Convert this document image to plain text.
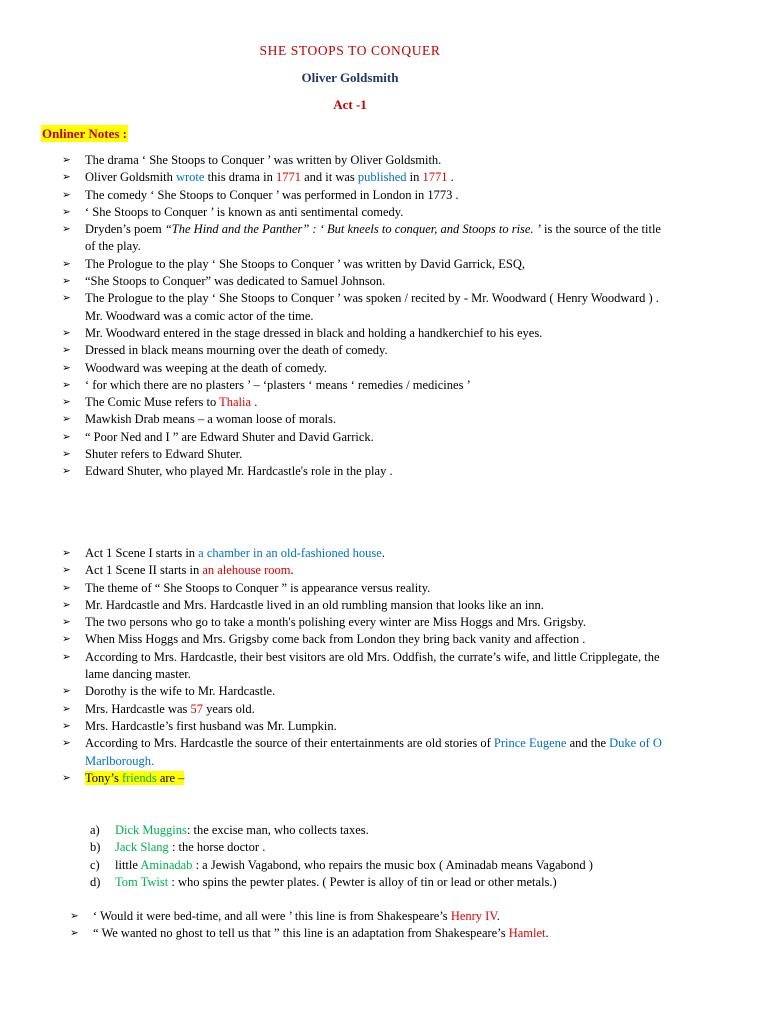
SHE STOOPS TO CONQUER
Oliver Goldsmith
Act -1
Onliner Notes :
➢ The drama ‘ She Stoops to Conquer ’ was written by Oliver Goldsmith.
➢ Oliver Goldsmith wrote this drama in 1771 and it was published in 1771 .
➢ The comedy ‘ She Stoops to Conquer ’ was performed in London in 1773 .
➢ ‘ She Stoops to Conquer ’ is known as anti sentimental comedy.
➢ Dryden’s poem “The Hind and the Panther” : ‘ But kneels to conquer, and Stoops to rise. ’ is the source of the title of the play.
➢ The Prologue to the play ‘ She Stoops to Conquer ’ was written by David Garrick, ESQ,
➢ “She Stoops to Conquer” was dedicated to Samuel Johnson.
➢ The Prologue to the play ‘ She Stoops to Conquer ’ was spoken / recited by - Mr. Woodward ( Henry Woodward ) . Mr. Woodward was a comic actor of the time.
➢ Mr. Woodward entered in the stage dressed in black and holding a handkerchief to his eyes.
➢ Dressed in black means mourning over the death of comedy.
➢ Woodward was weeping at the death of comedy.
➢ ‘ for which there are no plasters ’ – ‘plasters ‘ means ‘ remedies / medicines ’
➢ The Comic Muse refers to Thalia .
➢ Mawkish Drab means – a woman loose of morals.
➢ “ Poor Ned and I ” are Edward Shuter and David Garrick.
➢ Shuter refers to Edward Shuter.
➢ Edward Shuter, who played Mr. Hardcastle's role in the play .
➢ Act 1 Scene I starts in a chamber in an old-fashioned house.
➢ Act 1 Scene II starts in an alehouse room.
➢ The theme of “ She Stoops to Conquer ” is appearance versus reality.
➢ Mr. Hardcastle and Mrs. Hardcastle lived in an old rumbling mansion that looks like an inn.
➢ The two persons who go to take a month's polishing every winter are Miss Hoggs and Mrs. Grigsby.
➢ When Miss Hoggs and Mrs. Grigsby come back from London they bring back vanity and affection .
➢ According to Mrs. Hardcastle, their best visitors are old Mrs. Oddfish, the currate’s wife, and little Cripplegate, the lame dancing master.
➢ Dorothy is the wife to Mr. Hardcastle.
➢ Mrs. Hardcastle was 57 years old.
➢ Mrs. Hardcastle’s first husband was Mr. Lumpkin.
➢ According to Mrs. Hardcastle the source of their entertainments are old stories of Prince Eugene and the Duke of O Marlborough.
➢ Tony’s friends are –
a) Dick Muggins: the excise man, who collects taxes.
b) Jack Slang : the horse doctor .
c) little Aminadab : a Jewish Vagabond, who repairs the music box ( Aminadab means Vagabond )
d) Tom Twist : who spins the pewter plates. ( Pewter is alloy of tin or lead or other metals.)
➢ ‘ Would it were bed-time, and all were ’ this line is from Shakespeare’s Henry IV.
➢ “ We wanted no ghost to tell us that ” this line is an adaptation from Shakespeare’s Hamlet.
